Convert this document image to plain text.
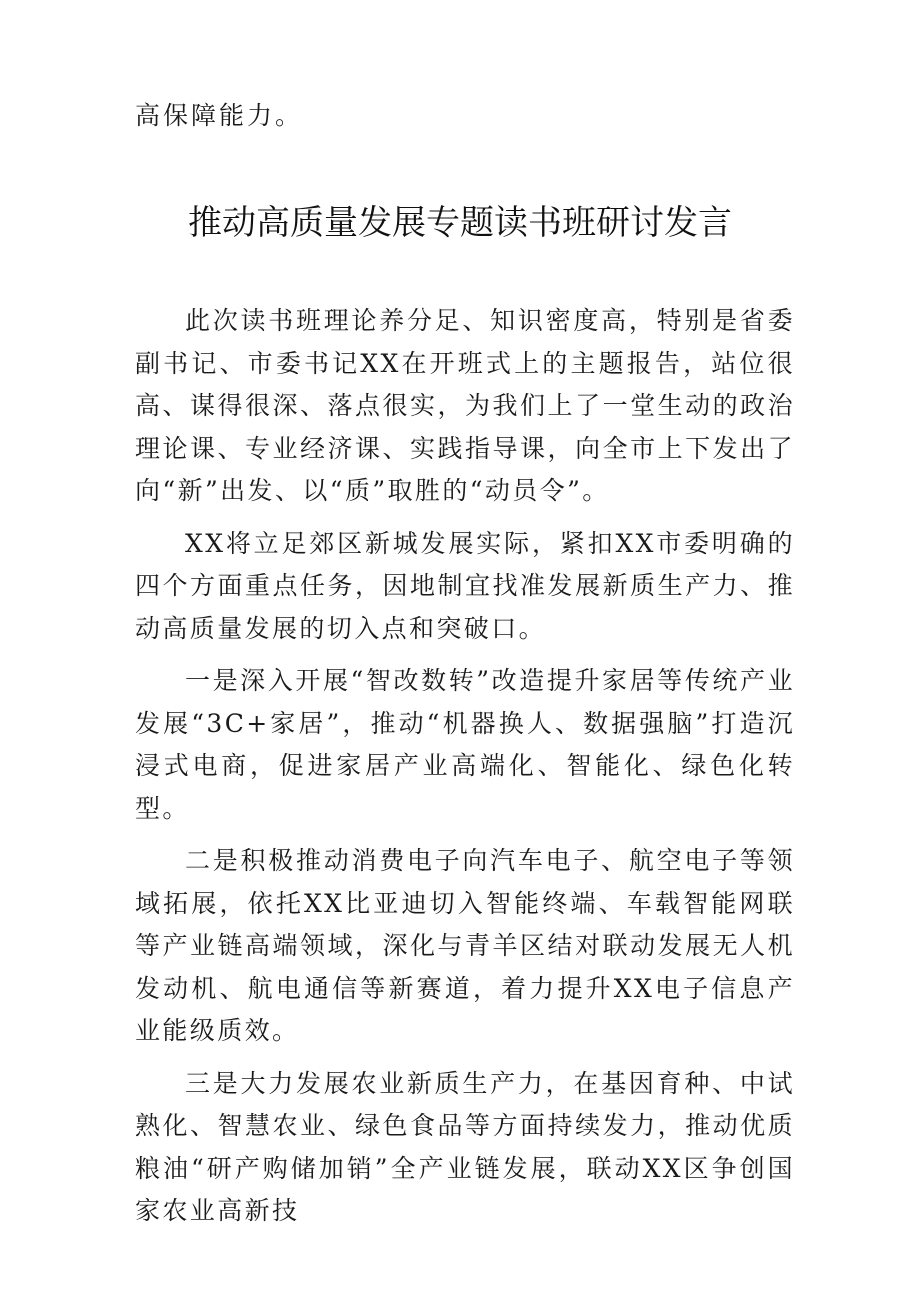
高保障能力。

推动高质量发展专题读书班研讨发言

此次读书班理论养分足、知识密度高，特别是省委副书记、市委书记XX在开班式上的主题报告，站位很高、谋得很深、落点很实，为我们上了一堂生动的政治理论课、专业经济课、实践指导课，向全市上下发出了向“新”出发、以“质”取胜的“动员令”。

XX将立足郊区新城发展实际，紧扣XX市委明确的四个方面重点任务，因地制宜找准发展新质生产力、推动高质量发展的切入点和突破口。

一是深入开展“智改数转”改造提升家居等传统产业发展“3C+家居”，推动“机器换人、数据强脑”打造沉浸式电商，促进家居产业高端化、智能化、绿色化转型。

二是积极推动消费电子向汽车电子、航空电子等领域拓展，依托XX比亚迪切入智能终端、车载智能网联等产业链高端领域，深化与青羊区结对联动发展无人机发动机、航电通信等新赛道，着力提升XX电子信息产业能级质效。

三是大力发展农业新质生产力，在基因育种、中试熟化、智慧农业、绿色食品等方面持续发力，推动优质粮油“研产购储加销”全产业链发展，联动XX区争创国家农业高新技
